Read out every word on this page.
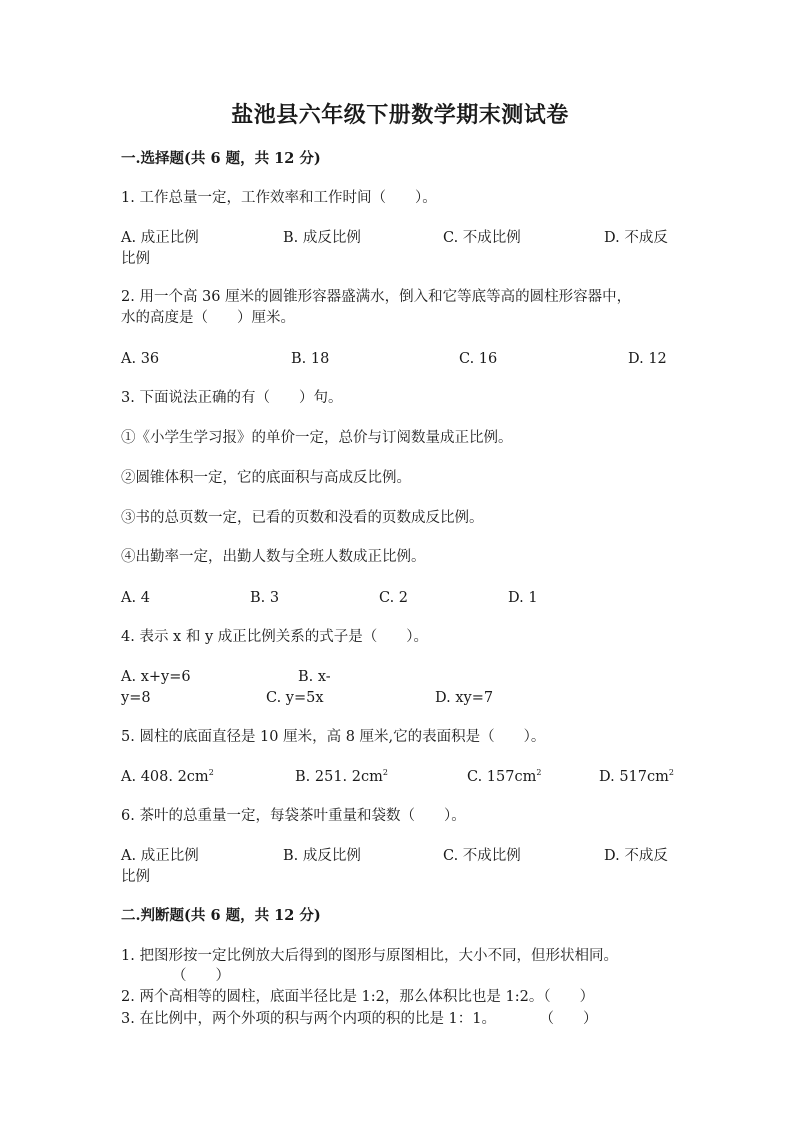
盐池县六年级下册数学期末测试卷
一.选择题(共 6 题，共 12 分)
1. 工作总量一定，工作效率和工作时间（　　）。
A. 成正比例	B. 成反比例	C. 不成比例	D. 不成反
比例
2. 用一个高 36 厘米的圆锥形容器盛满水，倒入和它等底等高的圆柱形容器中，
水的高度是（　　）厘米。
A. 36	B. 18	C. 16	D. 12
3. 下面说法正确的有（　　）句。
①《小学生学习报》的单价一定，总价与订阅数量成正比例。
②圆锥体积一定，它的底面积与高成反比例。
③书的总页数一定，已看的页数和没看的页数成反比例。
④出勤率一定，出勤人数与全班人数成正比例。
A. 4	B. 3	C. 2	D. 1
4. 表示 x 和 y 成正比例关系的式子是（　　）。
A. x+y=6	B. x-
y=8	C. y=5x	D. xy=7
5. 圆柱的底面直径是 10 厘米，高 8 厘米,它的表面积是（　　）。
A. 408. $2cm^2$	B. 251. $2cm^2$	C. $157cm^2$	D. $517cm^2$
6. 茶叶的总重量一定，每袋茶叶重量和袋数（　　）。
A. 成正比例	B. 成反比例	C. 不成比例	D. 不成反
比例
二.判断题(共 6 题，共 12 分)
1. 把图形按一定比例放大后得到的图形与原图相比，大小不同，但形状相同。
（　　）
2. 两个高相等的圆柱，底面半径比是 1:2，那么体积比也是 1:2。（　　）
3. 在比例中，两个外项的积与两个内项的积的比是 1：1。　　　　（　　）
